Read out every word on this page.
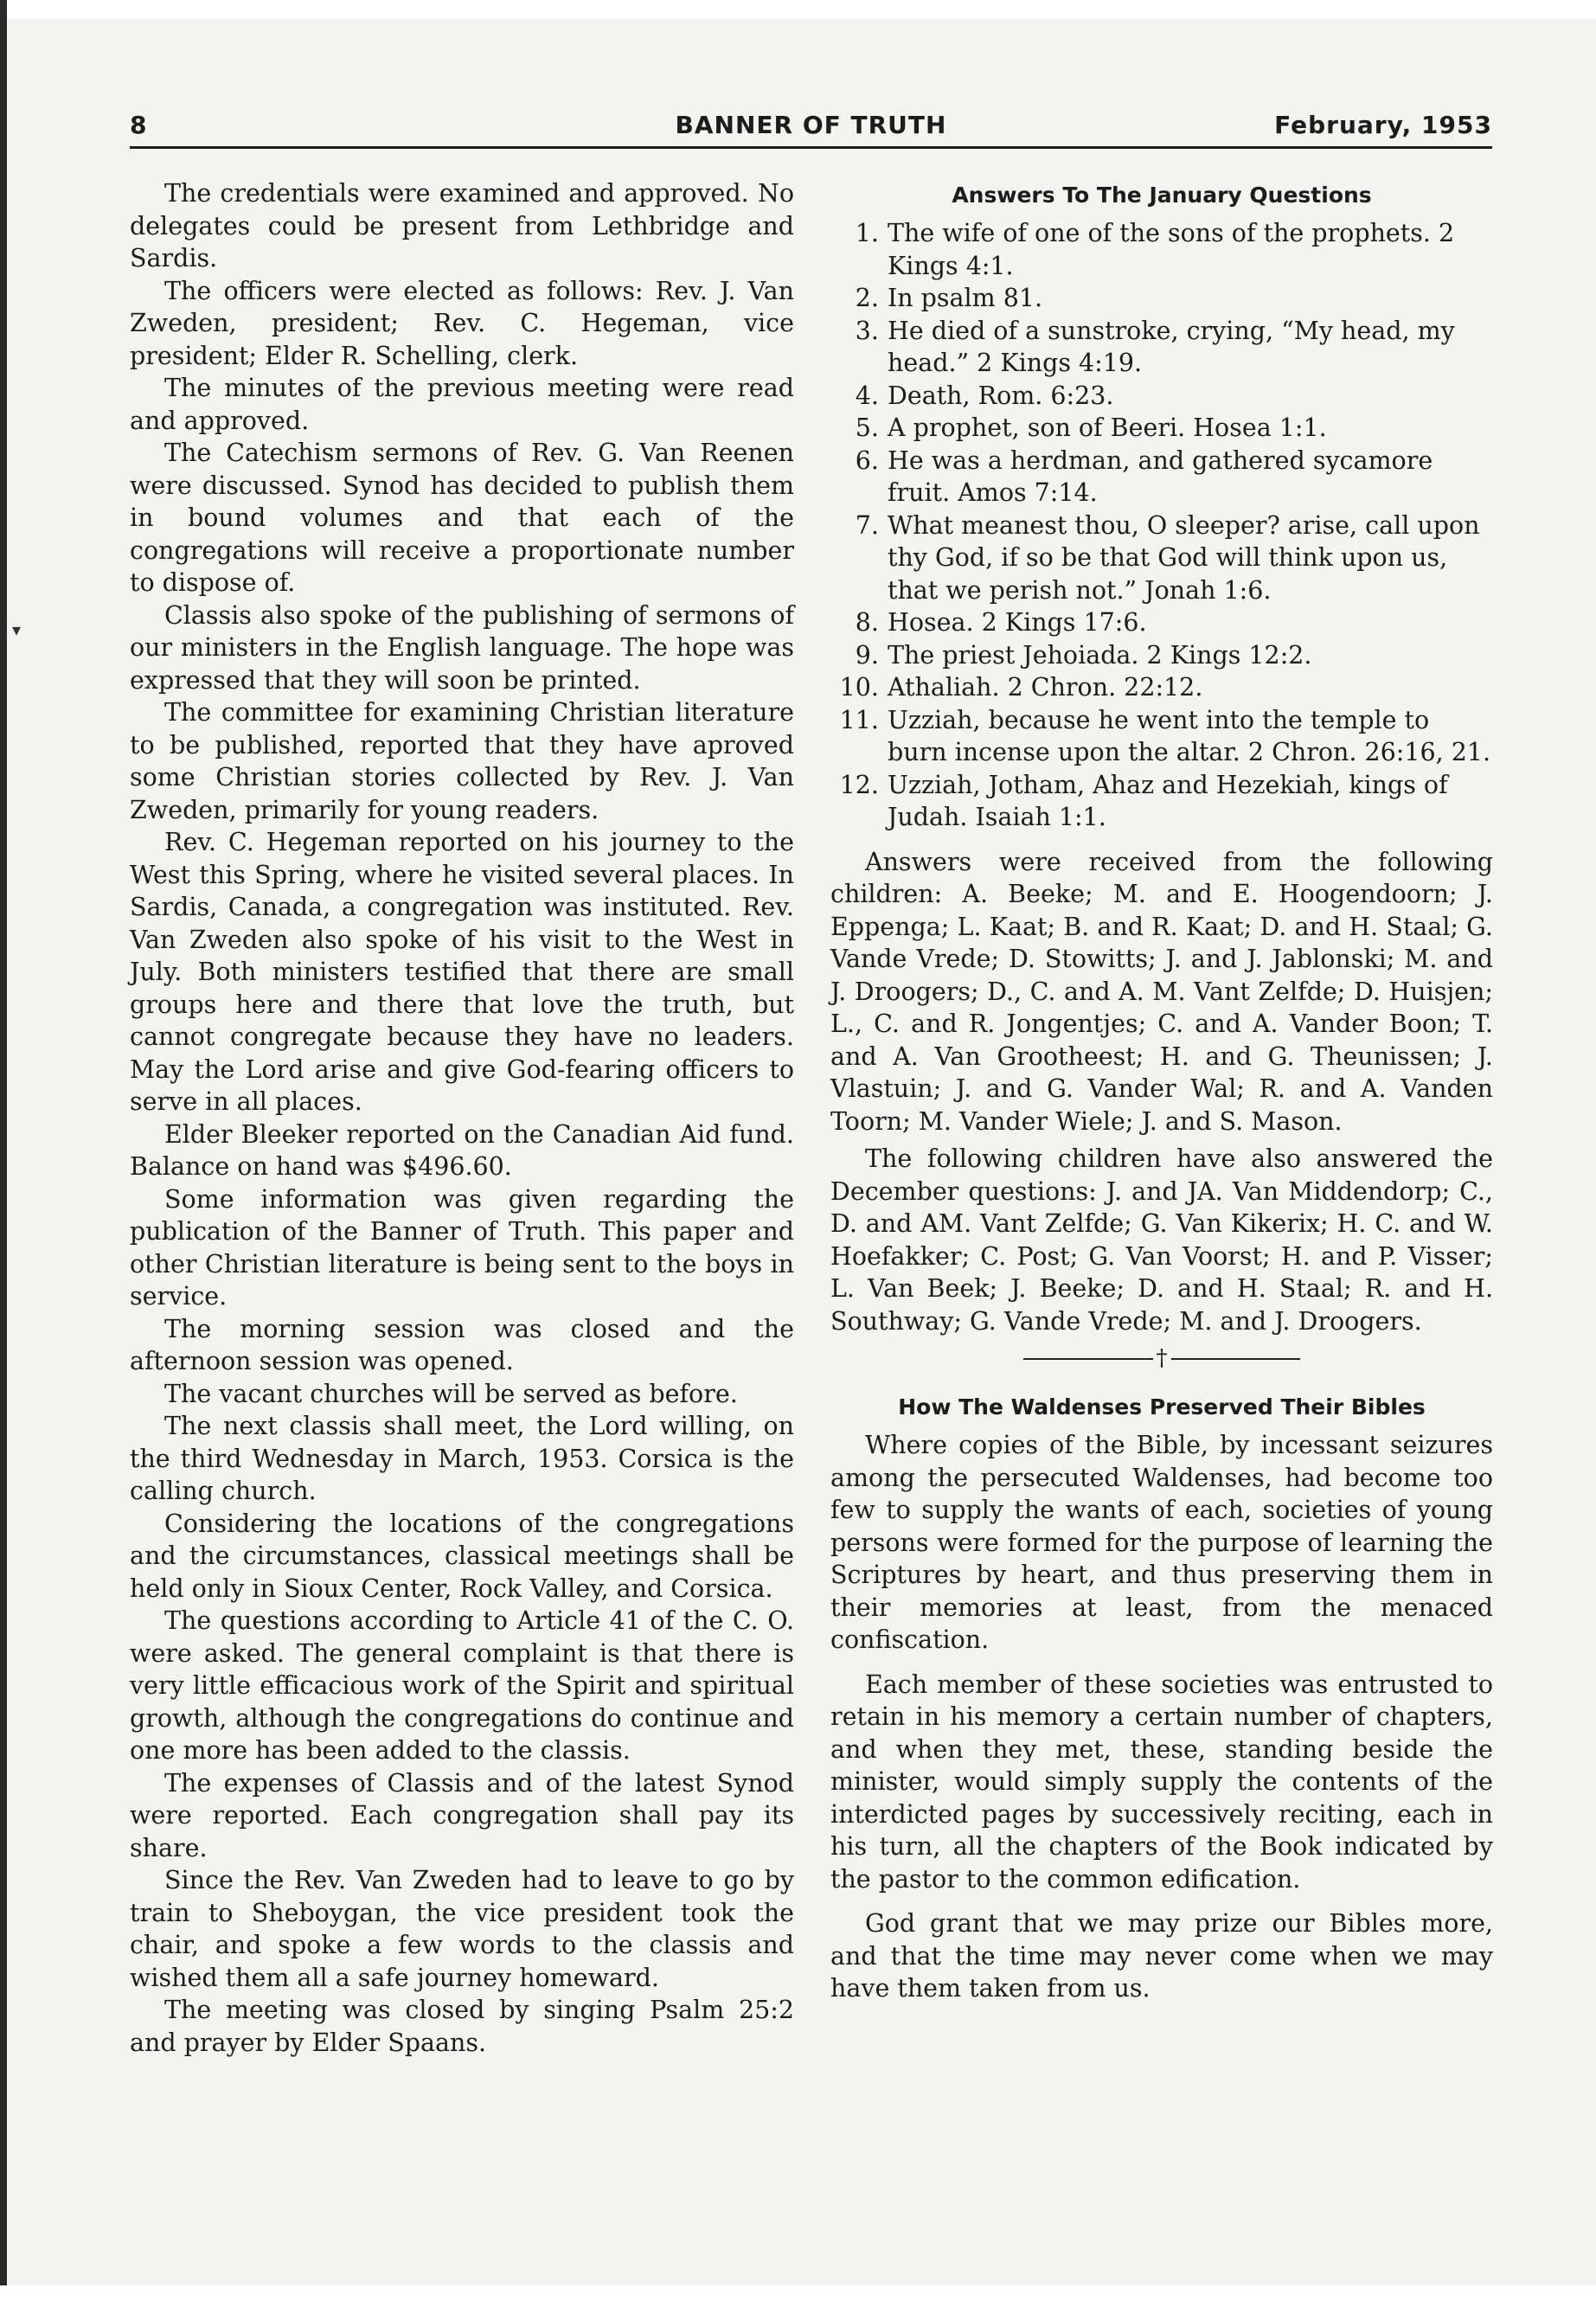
▾
8	BANNER OF TRUTH	February, 1953

The credentials were examined and approved. No delegates could be present from Lethbridge and Sardis.

The officers were elected as follows: Rev. J. Van Zweden, president; Rev. C. Hegeman, vice president; Elder R. Schelling, clerk.

The minutes of the previous meeting were read and approved.

The Catechism sermons of Rev. G. Van Reenen were discussed. Synod has decided to publish them in bound volumes and that each of the congregations will receive a proportionate number to dispose of.

Classis also spoke of the publishing of sermons of our ministers in the English language. The hope was expressed that they will soon be printed.

The committee for examining Christian literature to be published, reported that they have aproved some Christian stories collected by Rev. J. Van Zweden, primarily for young readers.

Rev. C. Hegeman reported on his journey to the West this Spring, where he visited several places. In Sardis, Canada, a congregation was instituted. Rev. Van Zweden also spoke of his visit to the West in July. Both ministers testified that there are small groups here and there that love the truth, but cannot congregate because they have no leaders. May the Lord arise and give God-fearing officers to serve in all places.

Elder Bleeker reported on the Canadian Aid fund. Balance on hand was $496.60.

Some information was given regarding the publication of the Banner of Truth. This paper and other Christian literature is being sent to the boys in service.

The morning session was closed and the afternoon session was opened.

The vacant churches will be served as before.

The next classis shall meet, the Lord willing, on the third Wednesday in March, 1953. Corsica is the calling church.

Considering the locations of the congregations and the circumstances, classical meetings shall be held only in Sioux Center, Rock Valley, and Corsica.

The questions according to Article 41 of the C. O. were asked. The general complaint is that there is very little efficacious work of the Spirit and spiritual growth, although the congregations do continue and one more has been added to the classis.

The expenses of Classis and of the latest Synod were reported. Each congregation shall pay its share.

Since the Rev. Van Zweden had to leave to go by train to Sheboygan, the vice president took the chair, and spoke a few words to the classis and wished them all a safe journey homeward.

The meeting was closed by singing Psalm 25:2 and prayer by Elder Spaans.

Answers To The January Questions
1. The wife of one of the sons of the prophets. 2 Kings 4:1.
2. In psalm 81.
3. He died of a sunstroke, crying, “My head, my head.” 2 Kings 4:19.
4. Death, Rom. 6:23.
5. A prophet, son of Beeri. Hosea 1:1.
6. He was a herdman, and gathered sycamore fruit. Amos 7:14.
7. What meanest thou, O sleeper? arise, call upon thy God, if so be that God will think upon us, that we perish not.” Jonah 1:6.
8. Hosea. 2 Kings 17:6.
9. The priest Jehoiada. 2 Kings 12:2.
10. Athaliah. 2 Chron. 22:12.
11. Uzziah, because he went into the temple to burn incense upon the altar. 2 Chron. 26:16, 21.
12. Uzziah, Jotham, Ahaz and Hezekiah, kings of Judah. Isaiah 1:1.

Answers were received from the following children: A. Beeke; M. and E. Hoogendoorn; J. Eppenga; L. Kaat; B. and R. Kaat; D. and H. Staal; G. Vande Vrede; D. Stowitts; J. and J. Jablonski; M. and J. Droogers; D., C. and A. M. Vant Zelfde; D. Huisjen; L., C. and R. Jongentjes; C. and A. Vander Boon; T. and A. Van Grootheest; H. and G. Theunissen; J. Vlastuin; J. and G. Vander Wal; R. and A. Vanden Toorn; M. Vander Wiele; J. and S. Mason.

The following children have also answered the December questions: J. and JA. Van Middendorp; C., D. and AM. Vant Zelfde; G. Van Kikerix; H. C. and W. Hoefakker; C. Post; G. Van Voorst; H. and P. Visser; L. Van Beek; J. Beeke; D. and H. Staal; R. and H. Southway; G. Vande Vrede; M. and J. Droogers.

†
How The Waldenses Preserved Their Bibles

Where copies of the Bible, by incessant seizures among the persecuted Waldenses, had become too few to supply the wants of each, societies of young persons were formed for the purpose of learning the Scriptures by heart, and thus preserving them in their memories at least, from the menaced confiscation.

Each member of these societies was entrusted to retain in his memory a certain number of chapters, and when they met, these, standing beside the minister, would simply supply the contents of the interdicted pages by successively reciting, each in his turn, all the chapters of the Book indicated by the pastor to the common edification.

God grant that we may prize our Bibles more, and that the time may never come when we may have them taken from us.
